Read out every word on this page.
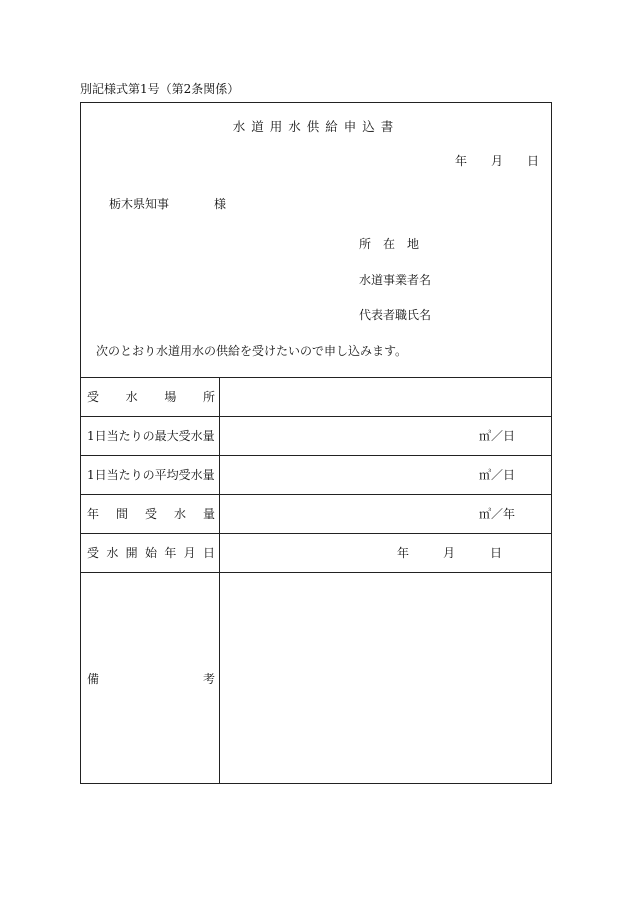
別記様式第1号（第2条関係）
水道用水供給申込書
年 月 日
栃木県知事	様
所　在　地
水道事業者名
代表者職氏名
次のとおり水道用水の供給を受けたいので申し込みます。
受 水 場 所
1日当たりの最大受水量	㎥／日
1日当たりの平均受水量	㎥／日
年 間 受 水 量	㎥／年
受 水 開 始 年 月 日	年	月	日
備	考
